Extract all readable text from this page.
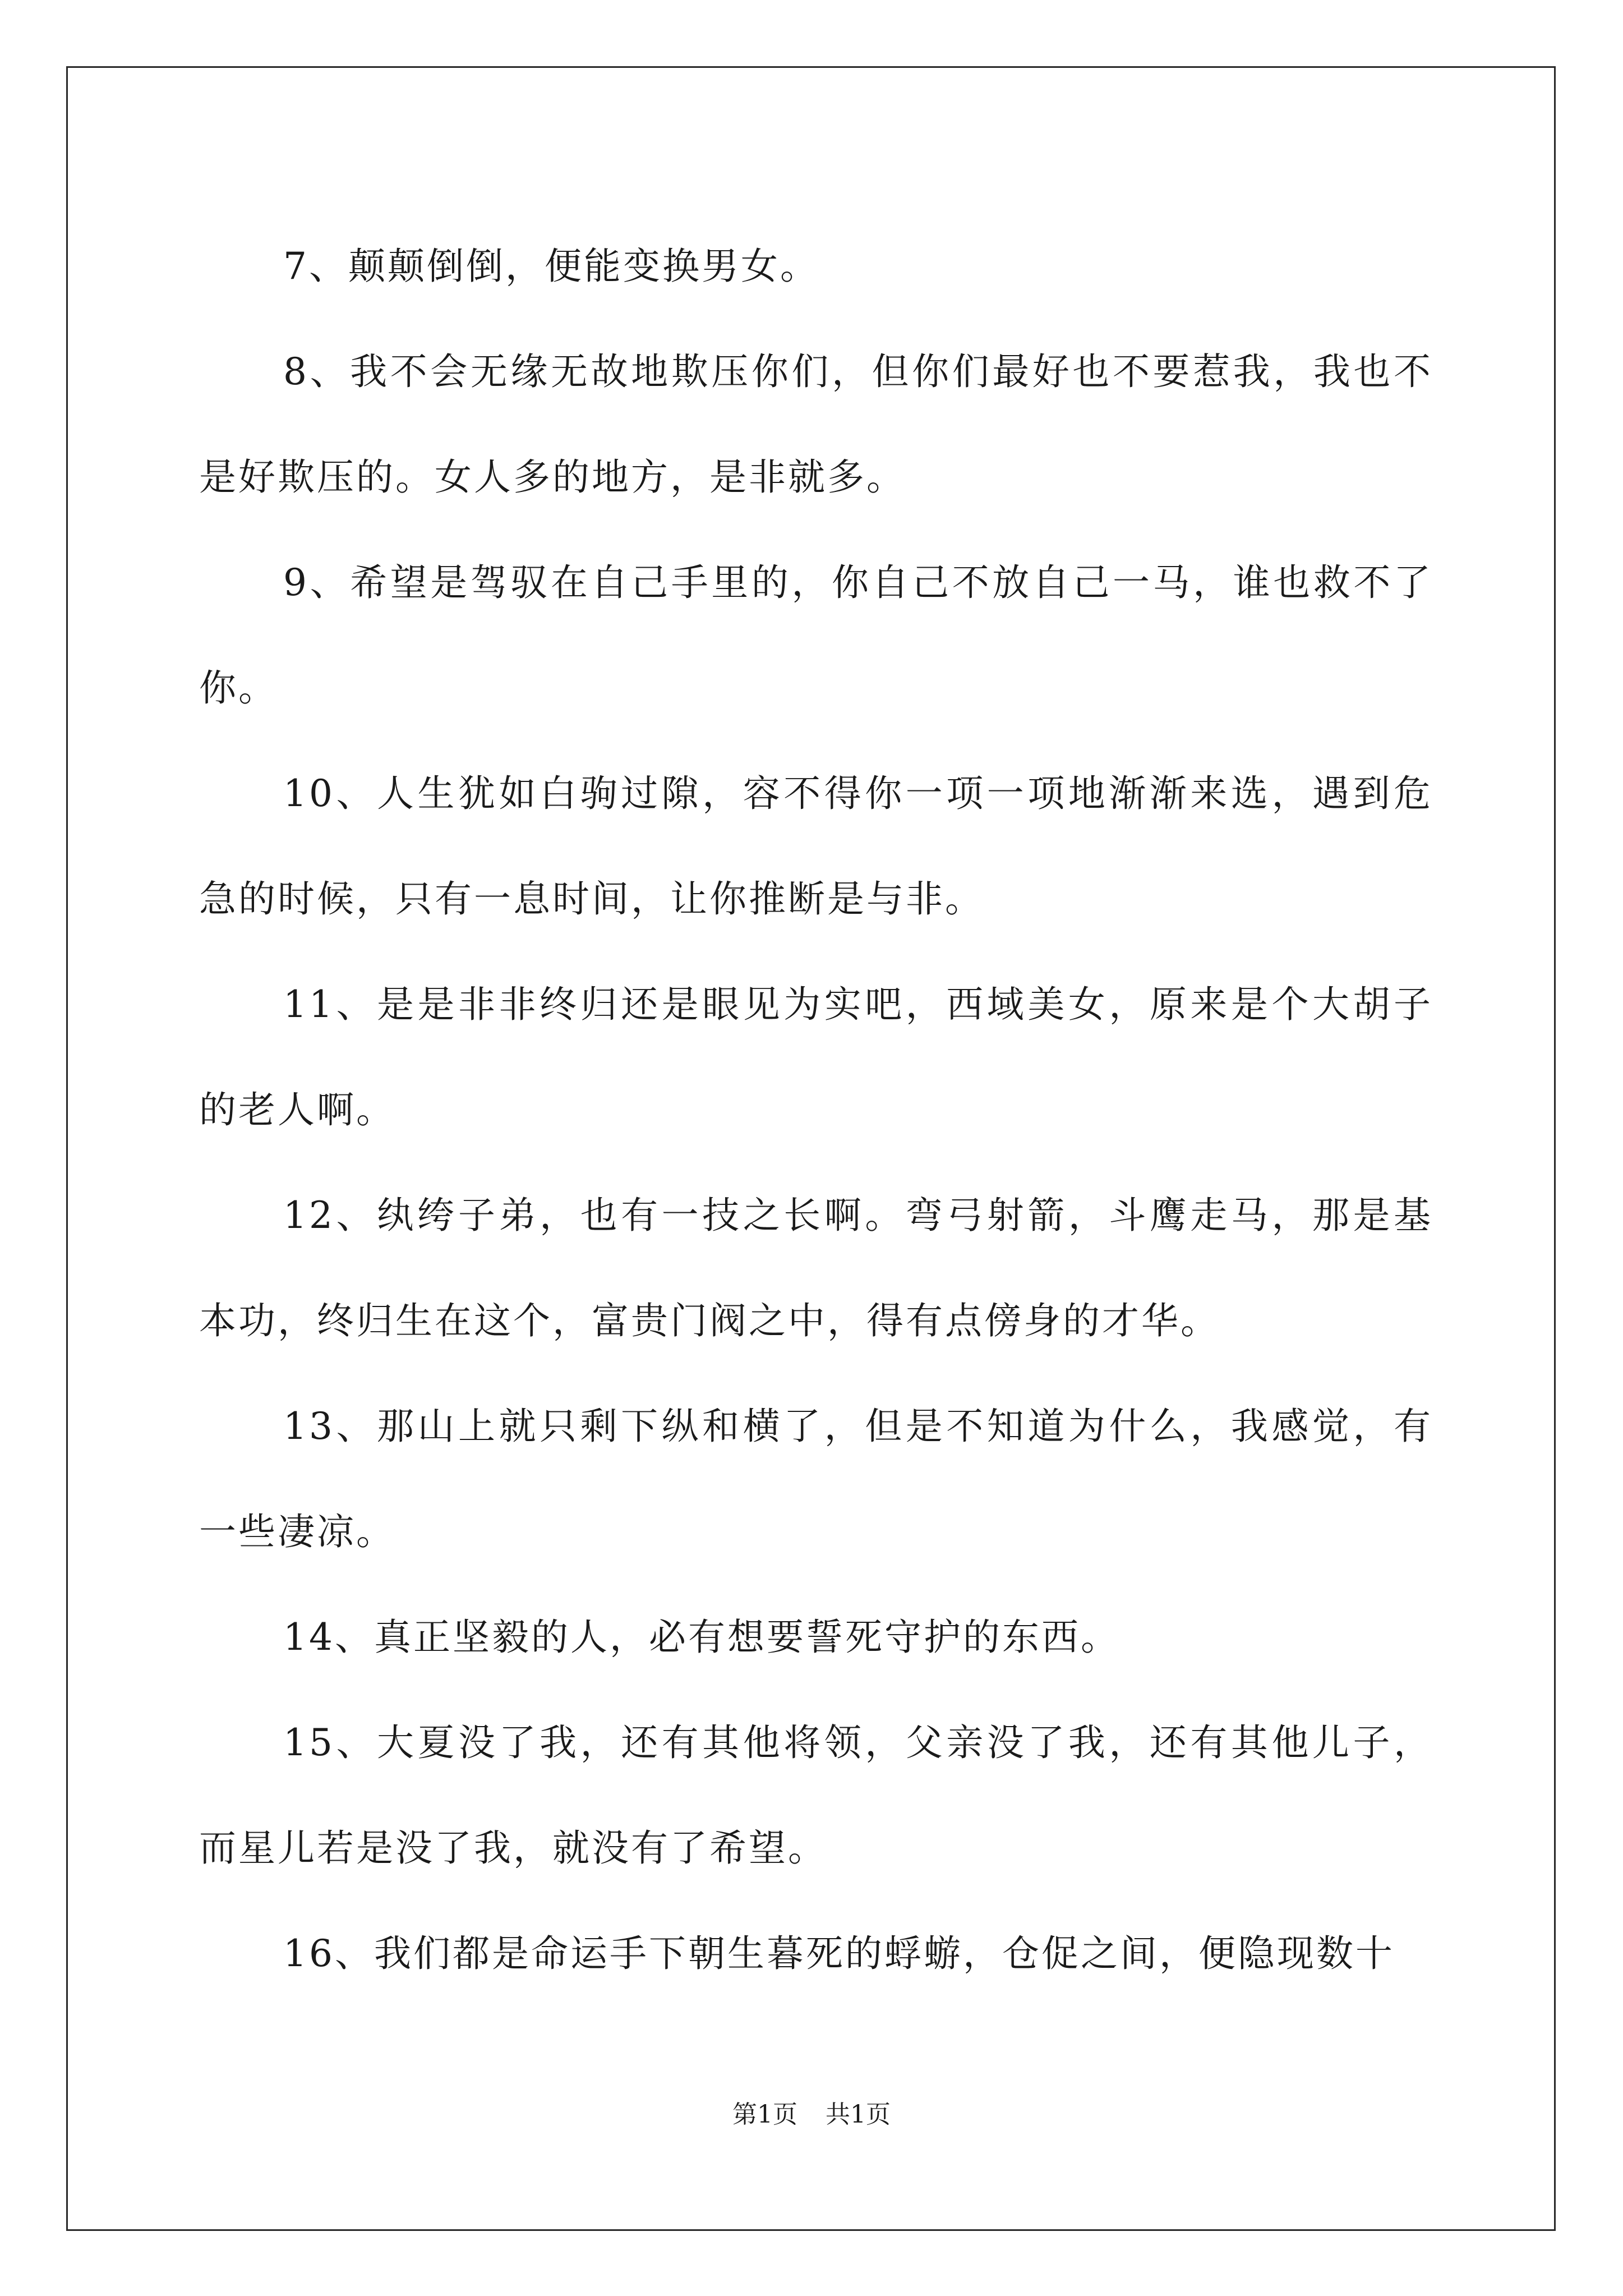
7、颠颠倒倒，便能变换男女。

8、我不会无缘无故地欺压你们，但你们最好也不要惹我，我也不是好欺压的。女人多的地方，是非就多。

9、希望是驾驭在自己手里的，你自己不放自己一马，谁也救不了你。

10、人生犹如白驹过隙，容不得你一项一项地渐渐来选，遇到危急的时候，只有一息时间，让你推断是与非。

11、是是非非终归还是眼见为实吧，西域美女，原来是个大胡子的老人啊。

12、纨绔子弟，也有一技之长啊。弯弓射箭，斗鹰走马，那是基本功，终归生在这个，富贵门阀之中，得有点傍身的才华。

13、那山上就只剩下纵和横了，但是不知道为什么，我感觉，有一些凄凉。

14、真正坚毅的人，必有想要誓死守护的东西。

15、大夏没了我，还有其他将领，父亲没了我，还有其他儿子，而星儿若是没了我，就没有了希望。

16、我们都是命运手下朝生暮死的蜉蝣，仓促之间，便隐现数十

第1页 共1页
